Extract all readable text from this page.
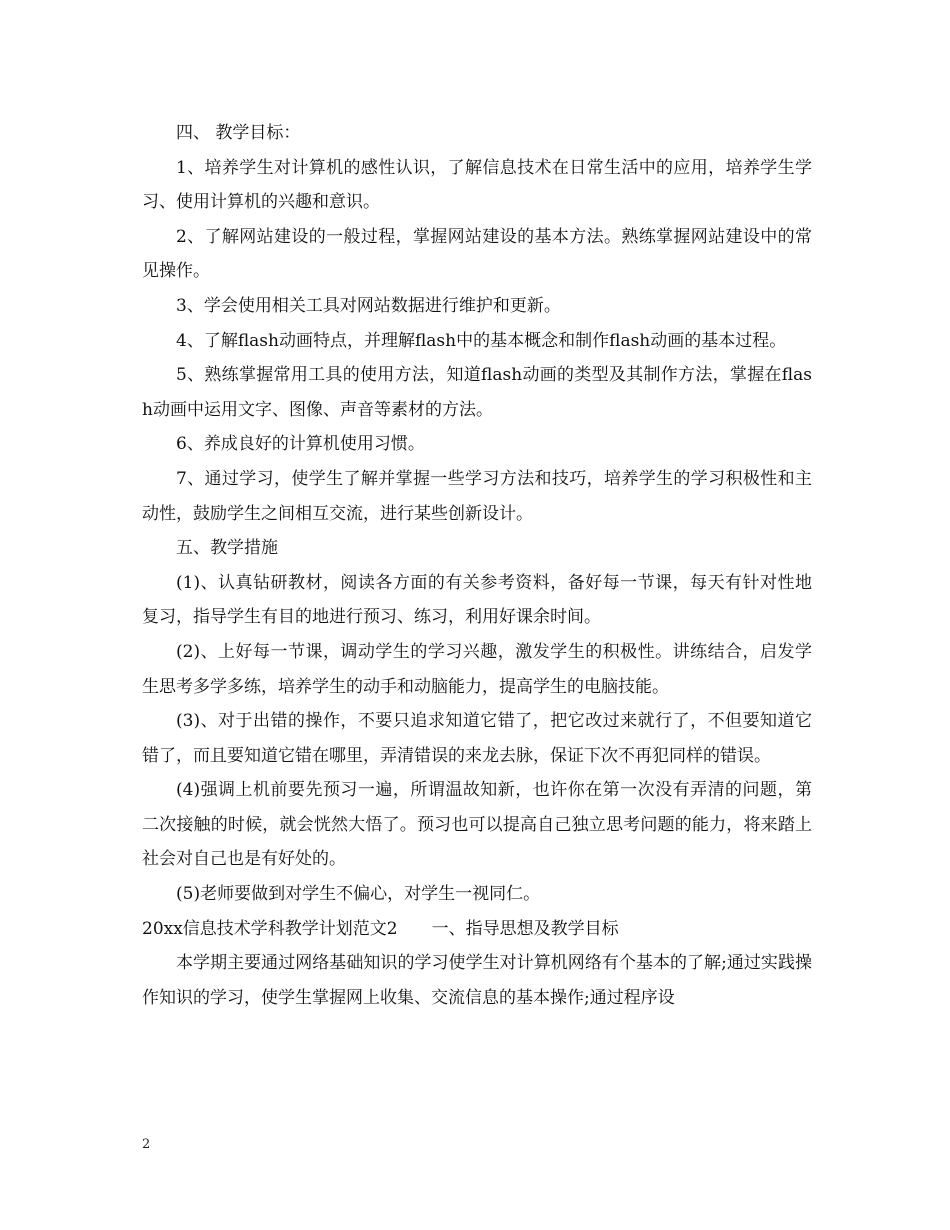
四、 教学目标：

1、培养学生对计算机的感性认识，了解信息技术在日常生活中的应用，培养学生学习、使用计算机的兴趣和意识。

2、了解网站建设的一般过程，掌握网站建设的基本方法。熟练掌握网站建设中的常见操作。

3、学会使用相关工具对网站数据进行维护和更新。

4、了解flash动画特点，并理解flash中的基本概念和制作flash动画的基本过程。

5、熟练掌握常用工具的使用方法，知道flash动画的类型及其制作方法，掌握在flash动画中运用文字、图像、声音等素材的方法。

6、养成良好的计算机使用习惯。

7、通过学习，使学生了解并掌握一些学习方法和技巧，培养学生的学习积极性和主动性，鼓励学生之间相互交流，进行某些创新设计。

五、教学措施

(1)、认真钻研教材，阅读各方面的有关参考资料，备好每一节课，每天有针对性地复习，指导学生有目的地进行预习、练习，利用好课余时间。

(2)、上好每一节课，调动学生的学习兴趣，激发学生的积极性。讲练结合，启发学生思考多学多练，培养学生的动手和动脑能力，提高学生的电脑技能。

(3)、对于出错的操作，不要只追求知道它错了，把它改过来就行了，不但要知道它错了，而且要知道它错在哪里，弄清错误的来龙去脉，保证下次不再犯同样的错误。

(4)强调上机前要先预习一遍，所谓温故知新，也许你在第一次没有弄清的问题，第二次接触的时候，就会恍然大悟了。预习也可以提高自己独立思考问题的能力，将来踏上社会对自己也是有好处的。

(5)老师要做到对学生不偏心，对学生一视同仁。

20xx信息技术学科教学计划范文2　　一、指导思想及教学目标

本学期主要通过网络基础知识的学习使学生对计算机网络有个基本的了解;通过实践操作知识的学习，使学生掌握网上收集、交流信息的基本操作;通过程序设

2
